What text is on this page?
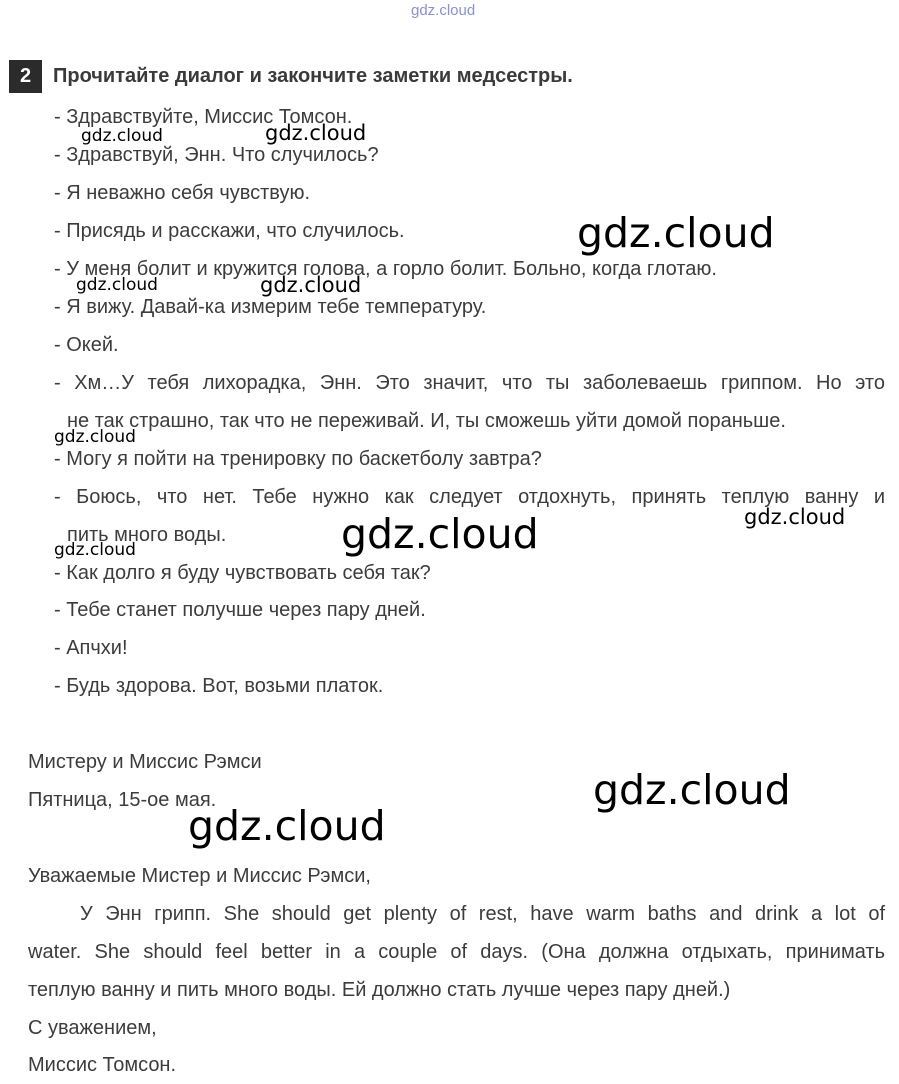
gdz.cloud
2	Прочитайте диалог и закончите заметки медсестры.
- Здравствуйте, Миссис Томсон.
- Здравствуй, Энн. Что случилось?
- Я неважно себя чувствую.
- Присядь и расскажи, что случилось.
- У меня болит и кружится голова, а горло болит. Больно, когда глотаю.
- Я вижу. Давай-ка измерим тебе температуру.
- Окей.
- Хм…У тебя лихорадка, Энн. Это значит, что ты заболеваешь гриппом. Но это
не так страшно, так что не переживай. И, ты сможешь уйти домой пораньше.
- Могу я пойти на тренировку по баскетболу завтра?
- Боюсь, что нет. Тебе нужно как следует отдохнуть, принять теплую ванну и
пить много воды.
- Как долго я буду чувствовать себя так?
- Тебе станет получше через пару дней.
- Апчхи!
- Будь здорова. Вот, возьми платок.
Мистеру и Миссис Рэмси
Пятница, 15-ое мая.
Уважаемые Мистер и Миссис Рэмси,
У Энн грипп. She should get plenty of rest, have warm baths and drink a lot of
water. She should feel better in a couple of days. (Она должна отдыхать, принимать
теплую ванну и пить много воды. Ей должно стать лучше через пару дней.)
С уважением,
Миссис Томсон.
gdz.cloud	gdz.cloud
gdz.cloud
gdz.cloud	gdz.cloud
gdz.cloud
gdz.cloud
gdz.cloud
gdz.cloud
gdz.cloud
gdz.cloud
